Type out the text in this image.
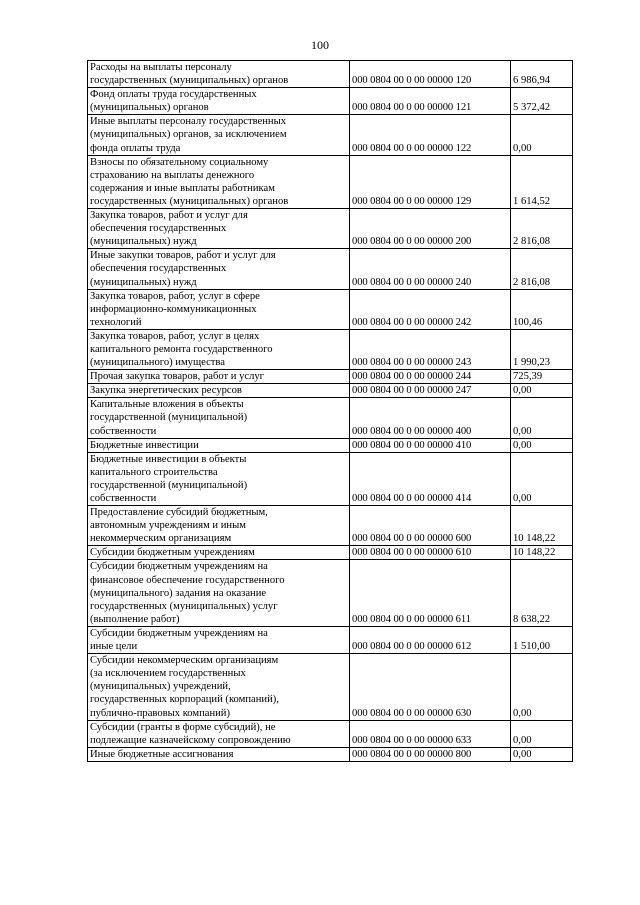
100
Расходы на выплаты персоналу
государственных (муниципальных) органов	000 0804 00 0 00 00000 120	6 986,94
Фонд оплаты труда государственных
(муниципальных) органов	000 0804 00 0 00 00000 121	5 372,42
Иные выплаты персоналу государственных
(муниципальных) органов, за исключением
фонда оплаты труда	000 0804 00 0 00 00000 122	0,00
Взносы по обязательному социальному
страхованию на выплаты денежного
содержания и иные выплаты работникам
государственных (муниципальных) органов	000 0804 00 0 00 00000 129	1 614,52
Закупка товаров, работ и услуг для
обеспечения государственных
(муниципальных) нужд	000 0804 00 0 00 00000 200	2 816,08
Иные закупки товаров, работ и услуг для
обеспечения государственных
(муниципальных) нужд	000 0804 00 0 00 00000 240	2 816,08
Закупка товаров, работ, услуг в сфере
информационно-коммуникационных
технологий	000 0804 00 0 00 00000 242	100,46
Закупка товаров, работ, услуг в целях
капитального ремонта государственного
(муниципального) имущества	000 0804 00 0 00 00000 243	1 990,23
Прочая закупка товаров, работ и услуг	000 0804 00 0 00 00000 244	725,39
Закупка энергетических ресурсов	000 0804 00 0 00 00000 247	0,00
Капитальные вложения в объекты
государственной (муниципальной)
собственности	000 0804 00 0 00 00000 400	0,00
Бюджетные инвестиции	000 0804 00 0 00 00000 410	0,00
Бюджетные инвестиции в объекты
капитального строительства
государственной (муниципальной)
собственности	000 0804 00 0 00 00000 414	0,00
Предоставление субсидий бюджетным,
автономным учреждениям и иным
некоммерческим организациям	000 0804 00 0 00 00000 600	10 148,22
Субсидии бюджетным учреждениям	000 0804 00 0 00 00000 610	10 148,22
Субсидии бюджетным учреждениям на
финансовое обеспечение государственного
(муниципального) задания на оказание
государственных (муниципальных) услуг
(выполнение работ)	000 0804 00 0 00 00000 611	8 638,22
Субсидии бюджетным учреждениям на
иные цели	000 0804 00 0 00 00000 612	1 510,00
Субсидии некоммерческим организациям
(за исключением государственных
(муниципальных) учреждений,
государственных корпораций (компаний),
публично-правовых компаний)	000 0804 00 0 00 00000 630	0,00
Субсидии (гранты в форме субсидий), не
подлежащие казначейскому сопровождению	000 0804 00 0 00 00000 633	0,00
Иные бюджетные ассигнования	000 0804 00 0 00 00000 800	0,00
